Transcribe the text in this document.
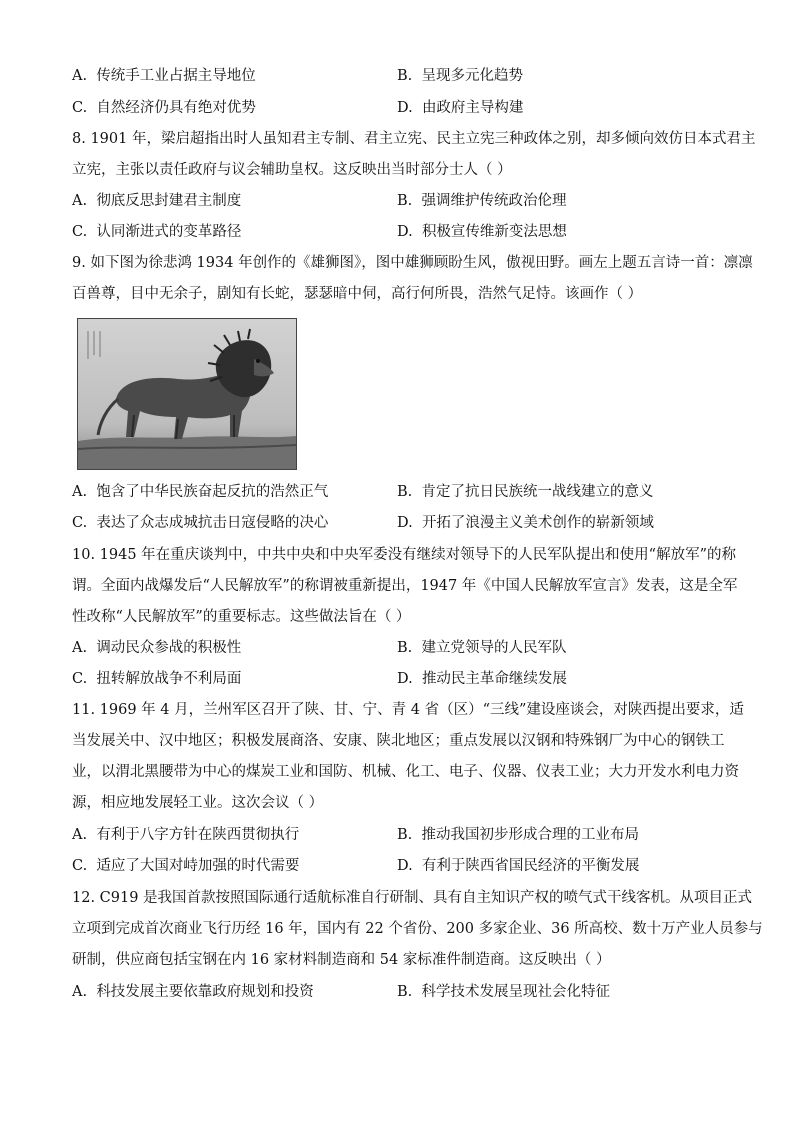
A. 传统手工业占据主导地位	B. 呈现多元化趋势
C. 自然经济仍具有绝对优势	D. 由政府主导构建
8. 1901 年，梁启超指出时人虽知君主专制、君主立宪、民主立宪三种政体之别，却多倾向效仿日本式君主
立宪，主张以责任政府与议会辅助皇权。这反映出当时部分士人（ ）
A. 彻底反思封建君主制度	B. 强调维护传统政治伦理
C. 认同渐进式的变革路径	D. 积极宣传维新变法思想
9. 如下图为徐悲鸿 1934 年创作的《雄狮图》，图中雄狮顾盼生风，傲视田野。画左上题五言诗一首：凛凛
百兽尊，目中无余子，剧知有长蛇，瑟瑟暗中伺，高行何所畏，浩然气足恃。该画作（ ）
A. 饱含了中华民族奋起反抗的浩然正气	B. 肯定了抗日民族统一战线建立的意义
C. 表达了众志成城抗击日寇侵略的决心	D. 开拓了浪漫主义美术创作的崭新领域
10. 1945 年在重庆谈判中，中共中央和中央军委没有继续对领导下的人民军队提出和使用“解放军”的称
谓。全面内战爆发后“人民解放军”的称谓被重新提出，1947 年《中国人民解放军宣言》发表，这是全军
性改称“人民解放军”的重要标志。这些做法旨在（ ）
A. 调动民众参战的积极性	B. 建立党领导的人民军队
C. 扭转解放战争不利局面	D. 推动民主革命继续发展
11. 1969 年 4 月，兰州军区召开了陕、甘、宁、青 4 省（区）“三线”建设座谈会，对陕西提出要求，适
当发展关中、汉中地区；积极发展商洛、安康、陕北地区；重点发展以汉钢和特殊钢厂为中心的钢铁工
业，以渭北黑腰带为中心的煤炭工业和国防、机械、化工、电子、仪器、仪表工业；大力开发水利电力资
源，相应地发展轻工业。这次会议（ ）
A. 有利于八字方针在陕西贯彻执行	B. 推动我国初步形成合理的工业布局
C. 适应了大国对峙加强的时代需要	D. 有利于陕西省国民经济的平衡发展
12. C919 是我国首款按照国际通行适航标准自行研制、具有自主知识产权的喷气式干线客机。从项目正式
立项到完成首次商业飞行历经 16 年，国内有 22 个省份、200 多家企业、36 所高校、数十万产业人员参与
研制，供应商包括宝钢在内 16 家材料制造商和 54 家标准件制造商。这反映出（ ）
A. 科技发展主要依靠政府规划和投资	B. 科学技术发展呈现社会化特征
